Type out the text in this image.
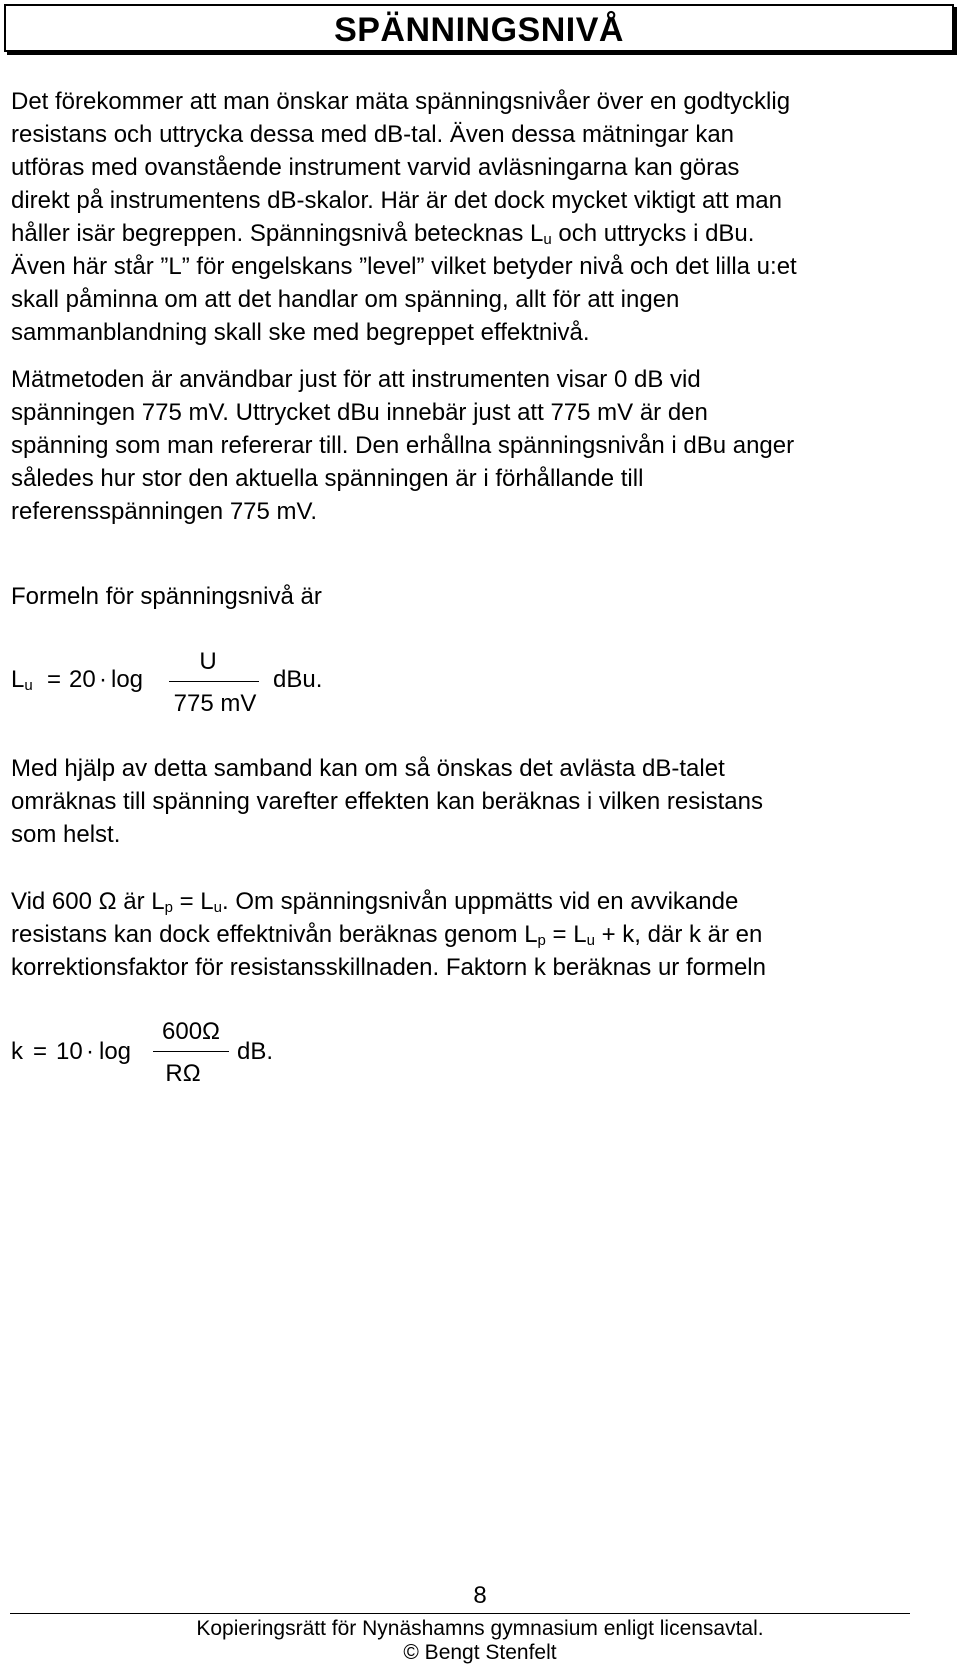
SPÄNNINGSNIVÅ
Det förekommer att man önskar mäta spänningsnivåer över en godtycklig
resistans och uttrycka dessa med dB-tal. Även dessa mätningar kan
utföras med ovanstående instrument varvid avläsningarna kan göras
direkt på instrumentens dB-skalor. Här är det dock mycket viktigt att man
håller isär begreppen. Spänningsnivå betecknas $L_u$ och uttrycks i dBu.
Även här står ”L” för engelskans ”level” vilket betyder nivå och det lilla u:et
skall påminna om att det handlar om spänning, allt för att ingen
sammanblandning skall ske med begreppet effektnivå.
Mätmetoden är användbar just för att instrumenten visar 0 dB vid
spänningen 775 mV. Uttrycket dBu innebär just att 775 mV är den
spänning som man refererar till. Den erhållna spänningsnivån i dBu anger
således hur stor den aktuella spänningen är i förhållande till
referensspänningen 775 mV.
Formeln för spänningsnivå är
$L_u = 20 \cdot \log$
U
775 mV
dBu.
Med hjälp av detta samband kan om så önskas det avlästa dB-talet
omräknas till spänning varefter effekten kan beräknas i vilken resistans
som helst.
Vid 600 Ω är $L_p = L_u$. Om spänningsnivån uppmätts vid en avvikande
resistans kan dock effektnivån beräknas genom $L_p = L_u + k$, där k är en
korrektionsfaktor för resistansskillnaden. Faktorn k beräknas ur formeln
k = 10 · log
600Ω
RΩ
dB.
8
Kopieringsrätt för Nynäshamns gymnasium enligt licensavtal.
© Bengt Stenfelt
